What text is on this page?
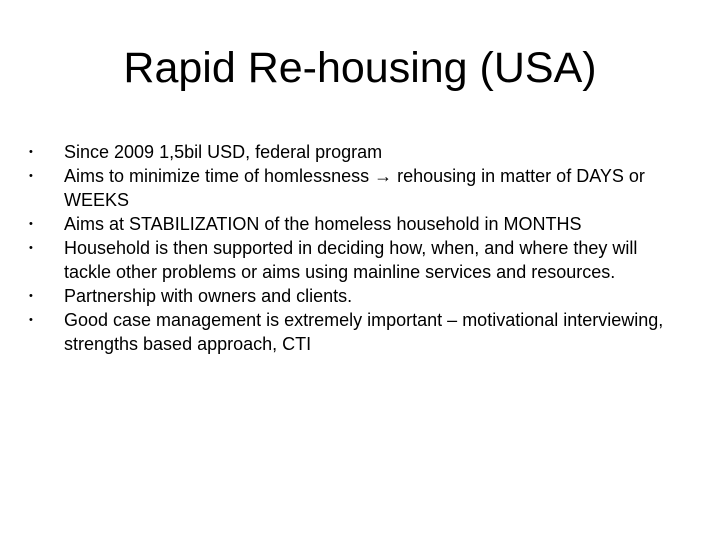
Rapid Re-housing (USA)
• Since 2009 1,5bil USD, federal program
• Aims to minimize time of homlessness → rehousing in matter of DAYS or WEEKS
• Aims at STABILIZATION of the homeless household in MONTHS
• Household is then supported in deciding how, when, and where they will tackle other problems or aims using mainline services and resources.
• Partnership with owners and clients.
• Good case management is extremely important – motivational interviewing, strengths based approach, CTI
